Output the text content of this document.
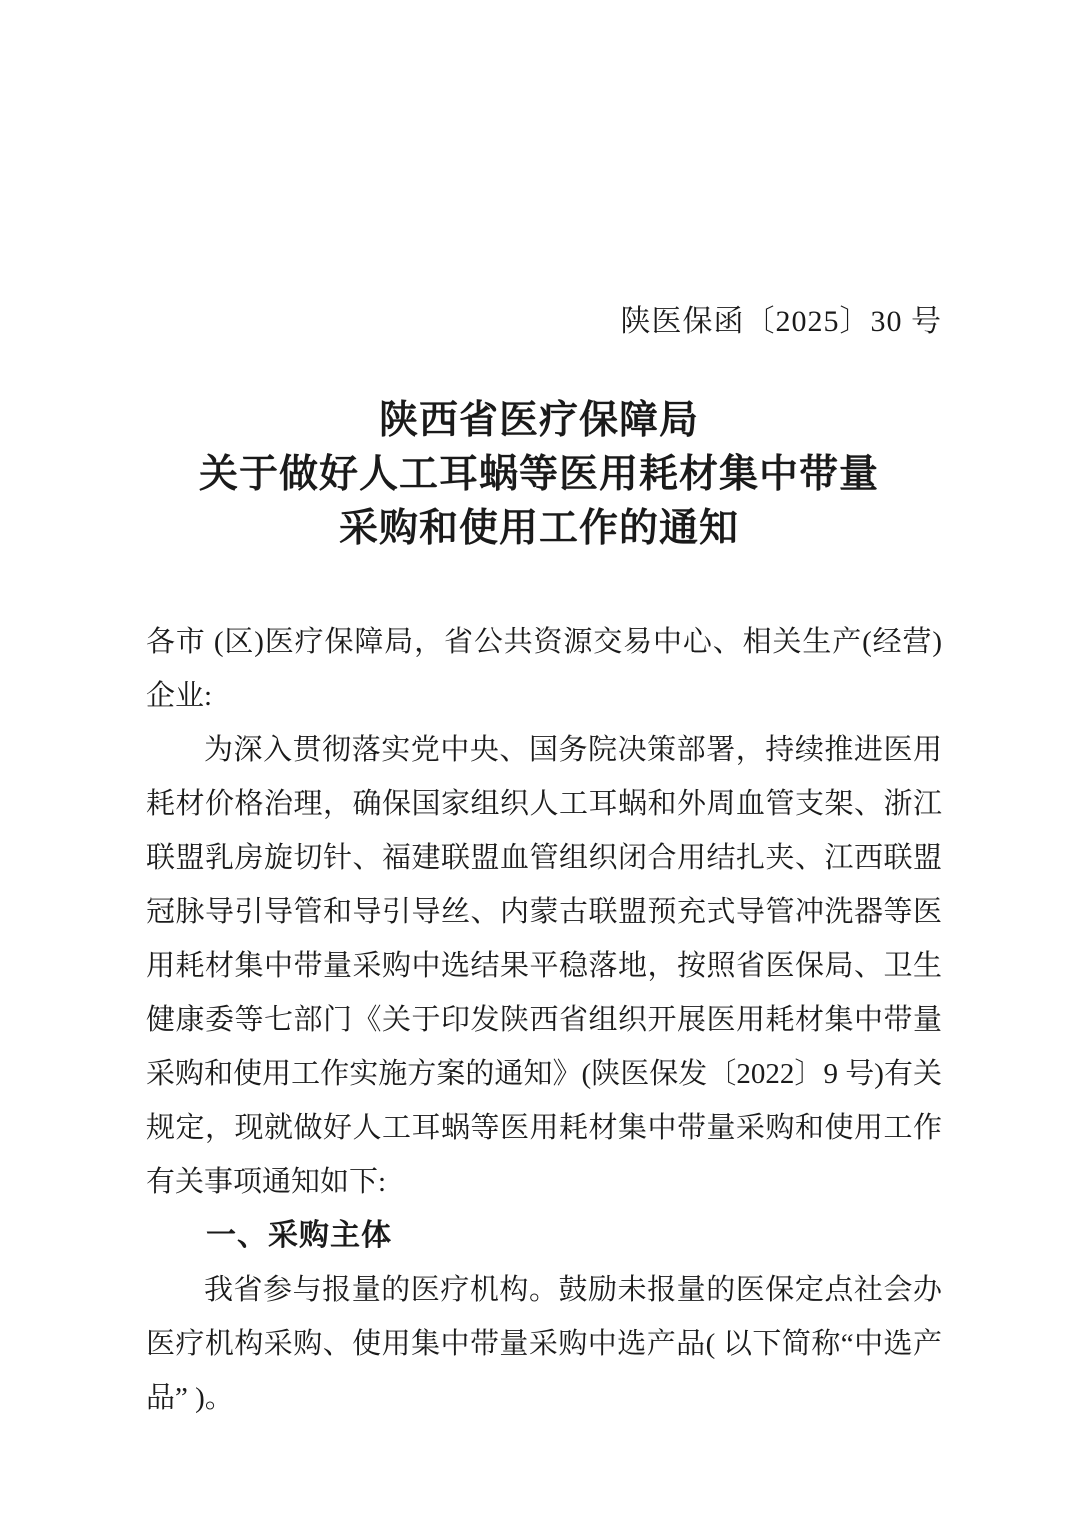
陕医保函〔2025〕30 号
陕西省医疗保障局
关于做好人工耳蜗等医用耗材集中带量
采购和使用工作的通知

各市 (区)医疗保障局，省公共资源交易中心、相关生产(经营)企业:

为深入贯彻落实党中央、国务院决策部署，持续推进医用耗材价格治理，确保国家组织人工耳蜗和外周血管支架、浙江联盟乳房旋切针、福建联盟血管组织闭合用结扎夹、江西联盟冠脉导引导管和导引导丝、内蒙古联盟预充式导管冲洗器等医用耗材集中带量采购中选结果平稳落地，按照省医保局、卫生健康委等七部门《关于印发陕西省组织开展医用耗材集中带量采购和使用工作实施方案的通知》(陕医保发〔2022〕9 号)有关规定，现就做好人工耳蜗等医用耗材集中带量采购和使用工作有关事项通知如下:

一、采购主体

我省参与报量的医疗机构。鼓励未报量的医保定点社会办医疗机构采购、使用集中带量采购中选产品( 以下简称“中选产品” )。
